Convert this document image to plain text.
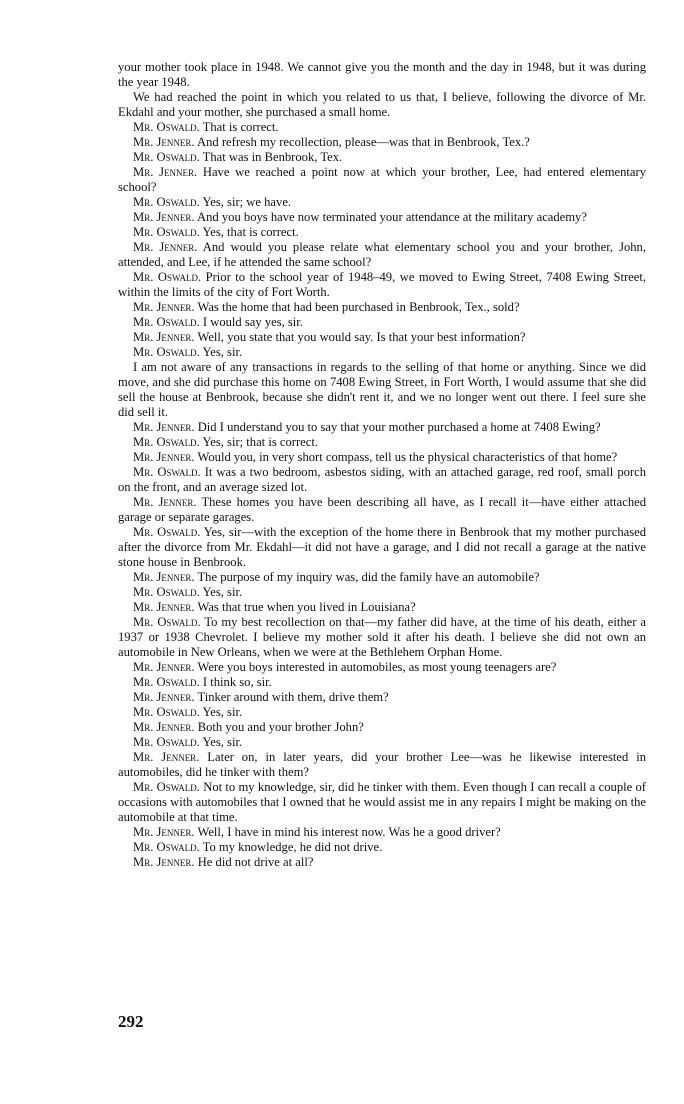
your mother took place in 1948. We cannot give you the month and the day in 1948, but it was during the year 1948.

We had reached the point in which you related to us that, I believe, following the divorce of Mr. Ekdahl and your mother, she purchased a small home.

Mr. Oswald. That is correct.

Mr. Jenner. And refresh my recollection, please—was that in Benbrook, Tex.?

Mr. Oswald. That was in Benbrook, Tex.

Mr. Jenner. Have we reached a point now at which your brother, Lee, had entered elementary school?

Mr. Oswald. Yes, sir; we have.

Mr. Jenner. And you boys have now terminated your attendance at the military academy?

Mr. Oswald. Yes, that is correct.

Mr. Jenner. And would you please relate what elementary school you and your brother, John, attended, and Lee, if he attended the same school?

Mr. Oswald. Prior to the school year of 1948–49, we moved to Ewing Street, 7408 Ewing Street, within the limits of the city of Fort Worth.

Mr. Jenner. Was the home that had been purchased in Benbrook, Tex., sold?

Mr. Oswald. I would say yes, sir.

Mr. Jenner. Well, you state that you would say. Is that your best information?

Mr. Oswald. Yes, sir.

I am not aware of any transactions in regards to the selling of that home or anything. Since we did move, and she did purchase this home on 7408 Ewing Street, in Fort Worth, I would assume that she did sell the house at Benbrook, because she didn't rent it, and we no longer went out there. I feel sure she did sell it.

Mr. Jenner. Did I understand you to say that your mother purchased a home at 7408 Ewing?

Mr. Oswald. Yes, sir; that is correct.

Mr. Jenner. Would you, in very short compass, tell us the physical characteristics of that home?

Mr. Oswald. It was a two bedroom, asbestos siding, with an attached garage, red roof, small porch on the front, and an average sized lot.

Mr. Jenner. These homes you have been describing all have, as I recall it—have either attached garage or separate garages.

Mr. Oswald. Yes, sir—with the exception of the home there in Benbrook that my mother purchased after the divorce from Mr. Ekdahl—it did not have a garage, and I did not recall a garage at the native stone house in Benbrook.

Mr. Jenner. The purpose of my inquiry was, did the family have an automobile?

Mr. Oswald. Yes, sir.

Mr. Jenner. Was that true when you lived in Louisiana?

Mr. Oswald. To my best recollection on that—my father did have, at the time of his death, either a 1937 or 1938 Chevrolet. I believe my mother sold it after his death. I believe she did not own an automobile in New Orleans, when we were at the Bethlehem Orphan Home.

Mr. Jenner. Were you boys interested in automobiles, as most young teenagers are?

Mr. Oswald. I think so, sir.

Mr. Jenner. Tinker around with them, drive them?

Mr. Oswald. Yes, sir.

Mr. Jenner. Both you and your brother John?

Mr. Oswald. Yes, sir.

Mr. Jenner. Later on, in later years, did your brother Lee—was he likewise interested in automobiles, did he tinker with them?

Mr. Oswald. Not to my knowledge, sir, did he tinker with them. Even though I can recall a couple of occasions with automobiles that I owned that he would assist me in any repairs I might be making on the automobile at that time.

Mr. Jenner. Well, I have in mind his interest now. Was he a good driver?

Mr. Oswald. To my knowledge, he did not drive.

Mr. Jenner. He did not drive at all?

292
